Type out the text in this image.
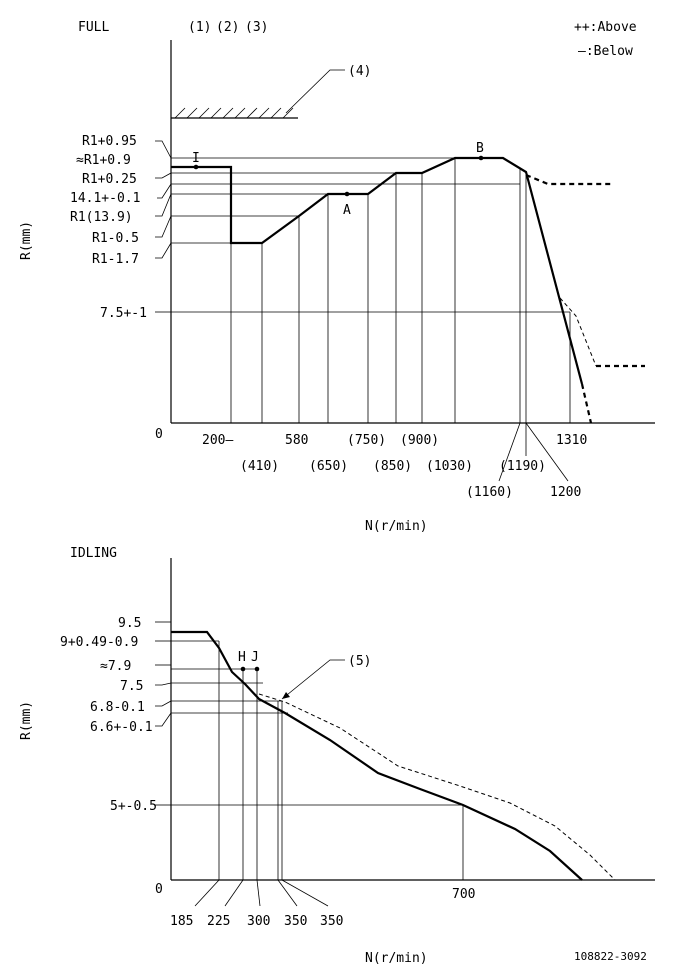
FULL	(1) (2) (3)	++:Above
—:Below
(4)
R1+0.95
≈R1+0.9
R1+0.25
14.1+-0.1
R1(13.9)
R1-0.5
R1-1.7
7.5+-1
0
I
A
B
200—	580	(750) (900)	1310
(410) (650) (850) (1030) (1190)
1200
(1160)
R(mm)
N(r/min)
IDLING
9.5
9+0.49-0.9
≈7.9
7.5
6.8-0.1
6.6+-0.1
5+-0.5
0
H J	(5)
185 225 300 350 350
700
R(mm)
N(r/min)	108822-3092
